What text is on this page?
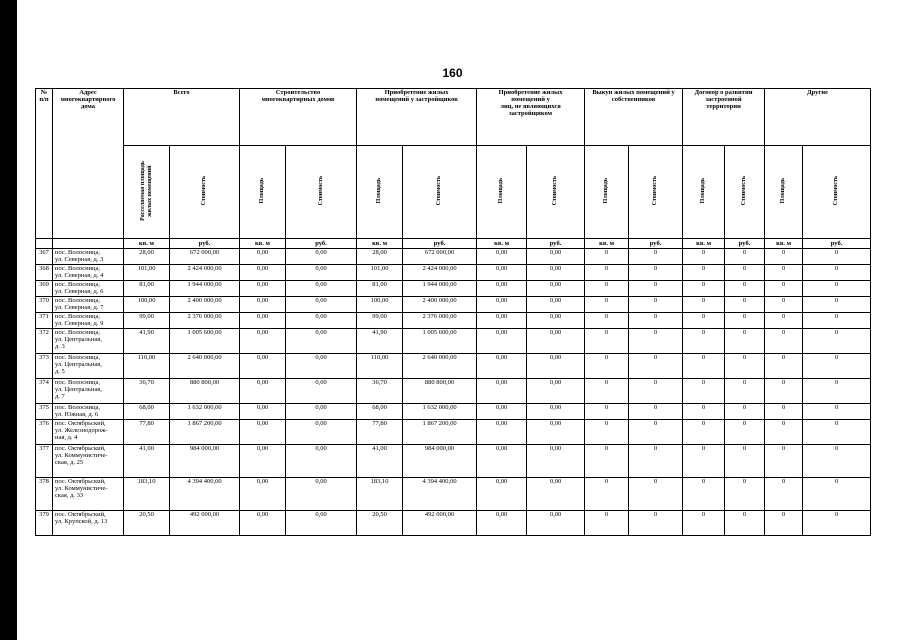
160
№
п/п	Адрес
многоквартирного
дома	Всего		Строительство
многоквартирных домов		Приобретение жилых
помещений у застройщиков		Приобретение жилых
помещений у
лиц, не являющихся
застройщиком		Выкуп жилых помещений у
собственников		Договор о развитии
застроенной
территории		Другие	
		Расселяемая площадь
жилых помещений	Стоимость	Площадь	Стоимость	Площадь	Стоимость	Площадь	Стоимость	Площадь	Стоимость	Площадь	Стоимость	Площадь	Стоимость
		кв. м	руб.	кв. м	руб.	кв. м	руб.	кв. м	руб.	кв. м	руб.	кв. м	руб.	кв. м	руб.
367	пос. Волосница,
ул. Северная, д. 3	28,00	672 000,00	0,00	0,00	28,00	672 000,00	0,00	0,00	0	0	0	0	0	0
368	пос. Волосница,
ул. Северная, д. 4	101,00	2 424 000,00	0,00	0,00	101,00	2 424 000,00	0,00	0,00	0	0	0	0	0	0
369	пос. Волосница,
ул. Северная, д. 6	81,00	1 944 000,00	0,00	0,00	81,00	1 944 000,00	0,00	0,00	0	0	0	0	0	0
370	пос. Волосница,
ул. Северная, д. 7	100,00	2 400 000,00	0,00	0,00	100,00	2 400 000,00	0,00	0,00	0	0	0	0	0	0
371	пос. Волосница,
ул. Северная, д. 9	99,00	2 376 000,00	0,00	0,00	99,00	2 376 000,00	0,00	0,00	0	0	0	0	0	0
372	пос. Волосница,
ул. Центральная,
д. 3	41,90	1 005 600,00	0,00	0,00	41,90	1 005 600,00	0,00	0,00	0	0	0	0	0	0
373	пос. Волосница,
ул. Центральная,
д. 5	110,00	2 640 000,00	0,00	0,00	110,00	2 640 000,00	0,00	0,00	0	0	0	0	0	0
374	пос. Волосница,
ул. Центральная,
д. 7	36,70	880 800,00	0,00	0,00	36,70	880 800,00	0,00	0,00	0	0	0	0	0	0
375	пос. Волосница,
ул. Южная, д. 6	68,00	1 632 000,00	0,00	0,00	68,00	1 632 000,00	0,00	0,00	0	0	0	0	0	0
376	пос. Октябрьский,
ул. Железнодорож-
ная, д. 4	77,80	1 867 200,00	0,00	0,00	77,80	1 867 200,00	0,00	0,00	0	0	0	0	0	0
377	пос. Октябрьский,
ул. Коммунистиче-
ская, д. 25	41,00	984 000,00	0,00	0,00	41,00	984 000,00	0,00	0,00	0	0	0	0	0	0
378	пос. Октябрьский,
ул. Коммунистиче-
ская, д. 33	183,10	4 394 400,00	0,00	0,00	183,10	4 394 400,00	0,00	0,00	0	0	0	0	0	0
379	пос. Октябрьский,
ул. Крупской, д. 13	20,50	492 000,00	0,00	0,00	20,50	492 000,00	0,00	0,00	0	0	0	0	0	0
